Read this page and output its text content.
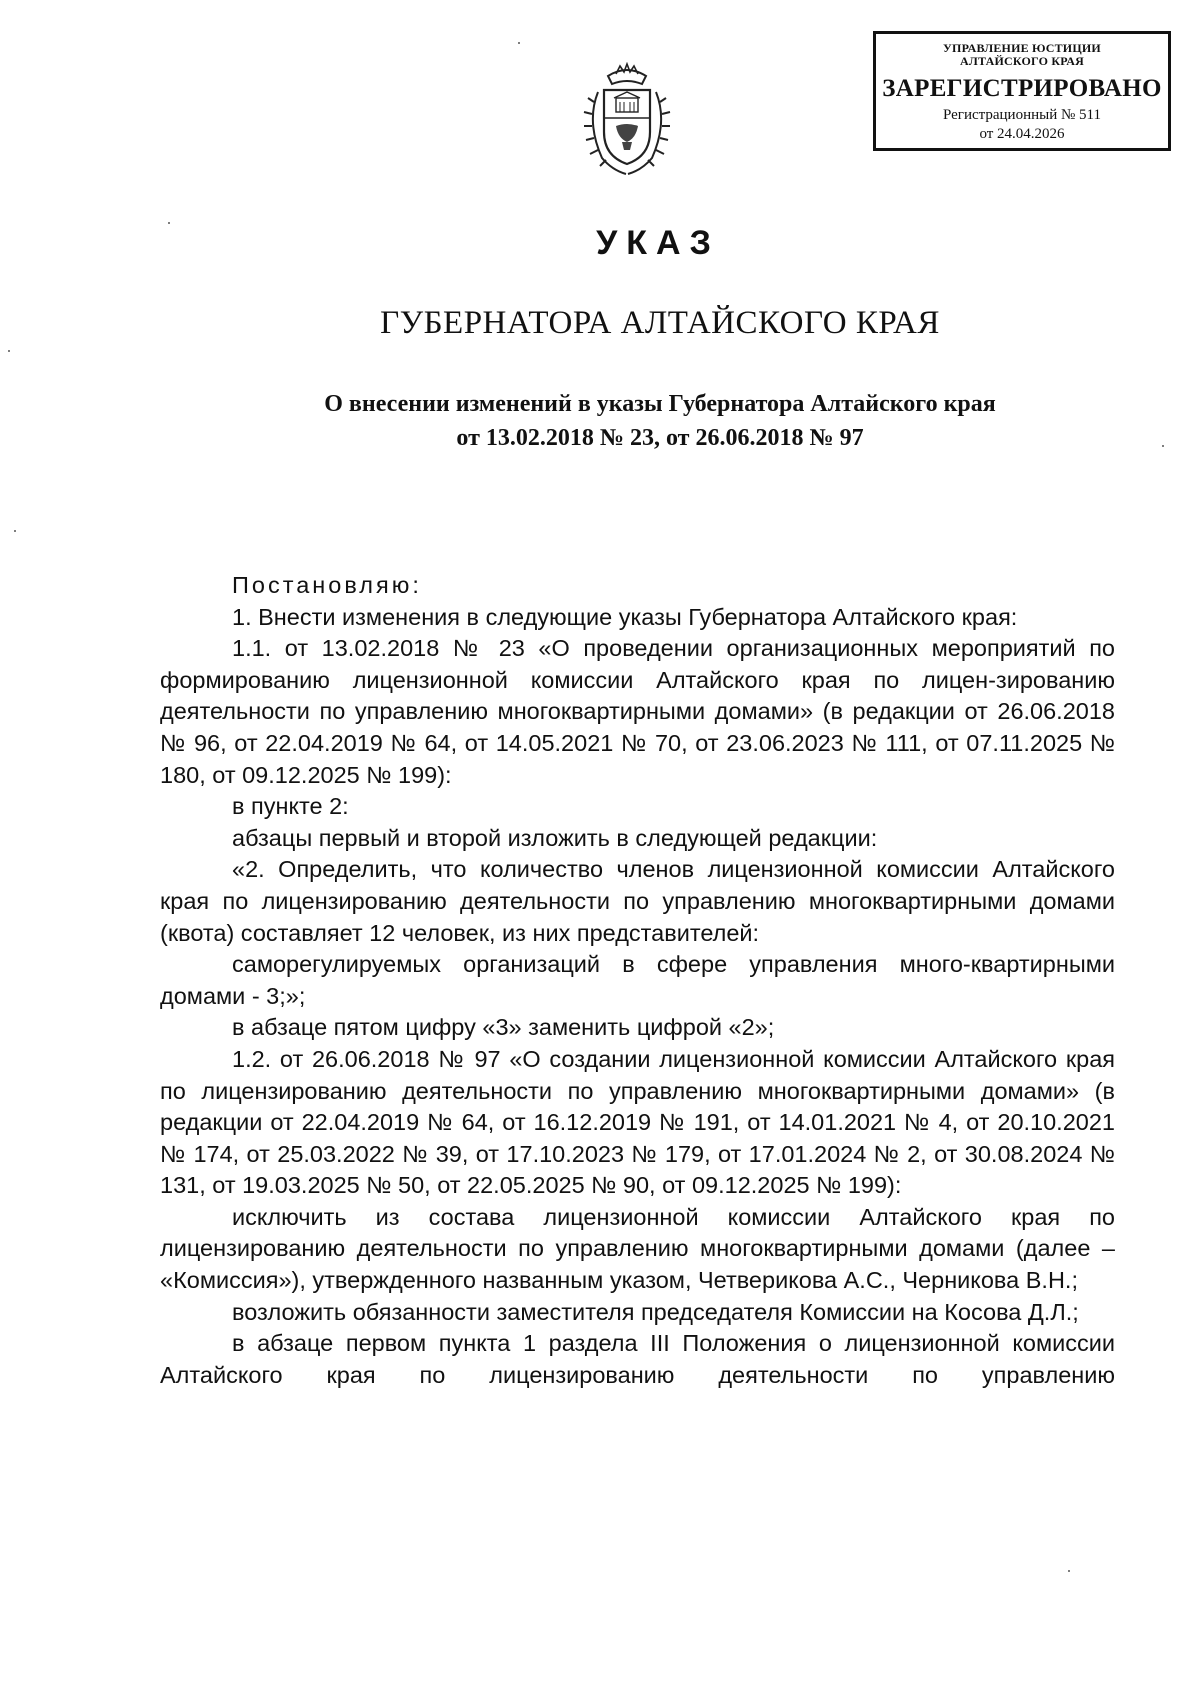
УПРАВЛЕНИЕ ЮСТИЦИИ
АЛТАЙСКОГО КРАЯ
ЗАРЕГИСТРИРОВАНО
Регистрационный № 511
от 24.04.2026
УКАЗ
ГУБЕРНАТОРА АЛТАЙСКОГО КРАЯ
О внесении изменений в указы Губернатора Алтайского края
от 13.02.2018 № 23, от 26.06.2018 № 97

Постановляю:

1. Внести изменения в следующие указы Губернатора Алтайского края:

1.1. от 13.02.2018 № 23 «О проведении организационных мероприятий по формированию лицензионной комиссии Алтайского края по лицен-зированию деятельности по управлению многоквартирными домами» (в редакции от 26.06.2018 № 96, от 22.04.2019 № 64, от 14.05.2021 № 70, от 23.06.2023 № 111, от 07.11.2025 № 180, от 09.12.2025 № 199):

в пункте 2:

абзацы первый и второй изложить в следующей редакции:

«2. Определить, что количество членов лицензионной комиссии Алтайского края по лицензированию деятельности по управлению многоквартирными домами (квота) составляет 12 человек, из них представителей:

саморегулируемых организаций в сфере управления много-квартирными домами - 3;»;

в абзаце пятом цифру «3» заменить цифрой «2»;

1.2. от 26.06.2018 № 97 «О создании лицензионной комиссии Алтайского края по лицензированию деятельности по управлению многоквартирными домами» (в редакции от 22.04.2019 № 64, от 16.12.2019 № 191, от 14.01.2021 № 4, от 20.10.2021 № 174, от 25.03.2022 № 39, от 17.10.2023 № 179, от 17.01.2024 № 2, от 30.08.2024 № 131, от 19.03.2025 № 50, от 22.05.2025 № 90, от 09.12.2025 № 199):

исключить из состава лицензионной комиссии Алтайского края по лицензированию деятельности по управлению многоквартирными домами (далее – «Комиссия»), утвержденного названным указом, Четверикова А.С., Черникова В.Н.;

возложить обязанности заместителя председателя Комиссии на Косова Д.Л.;

в абзаце первом пункта 1 раздела III Положения о лицензионной комиссии Алтайского края по лицензированию деятельности по управлению
